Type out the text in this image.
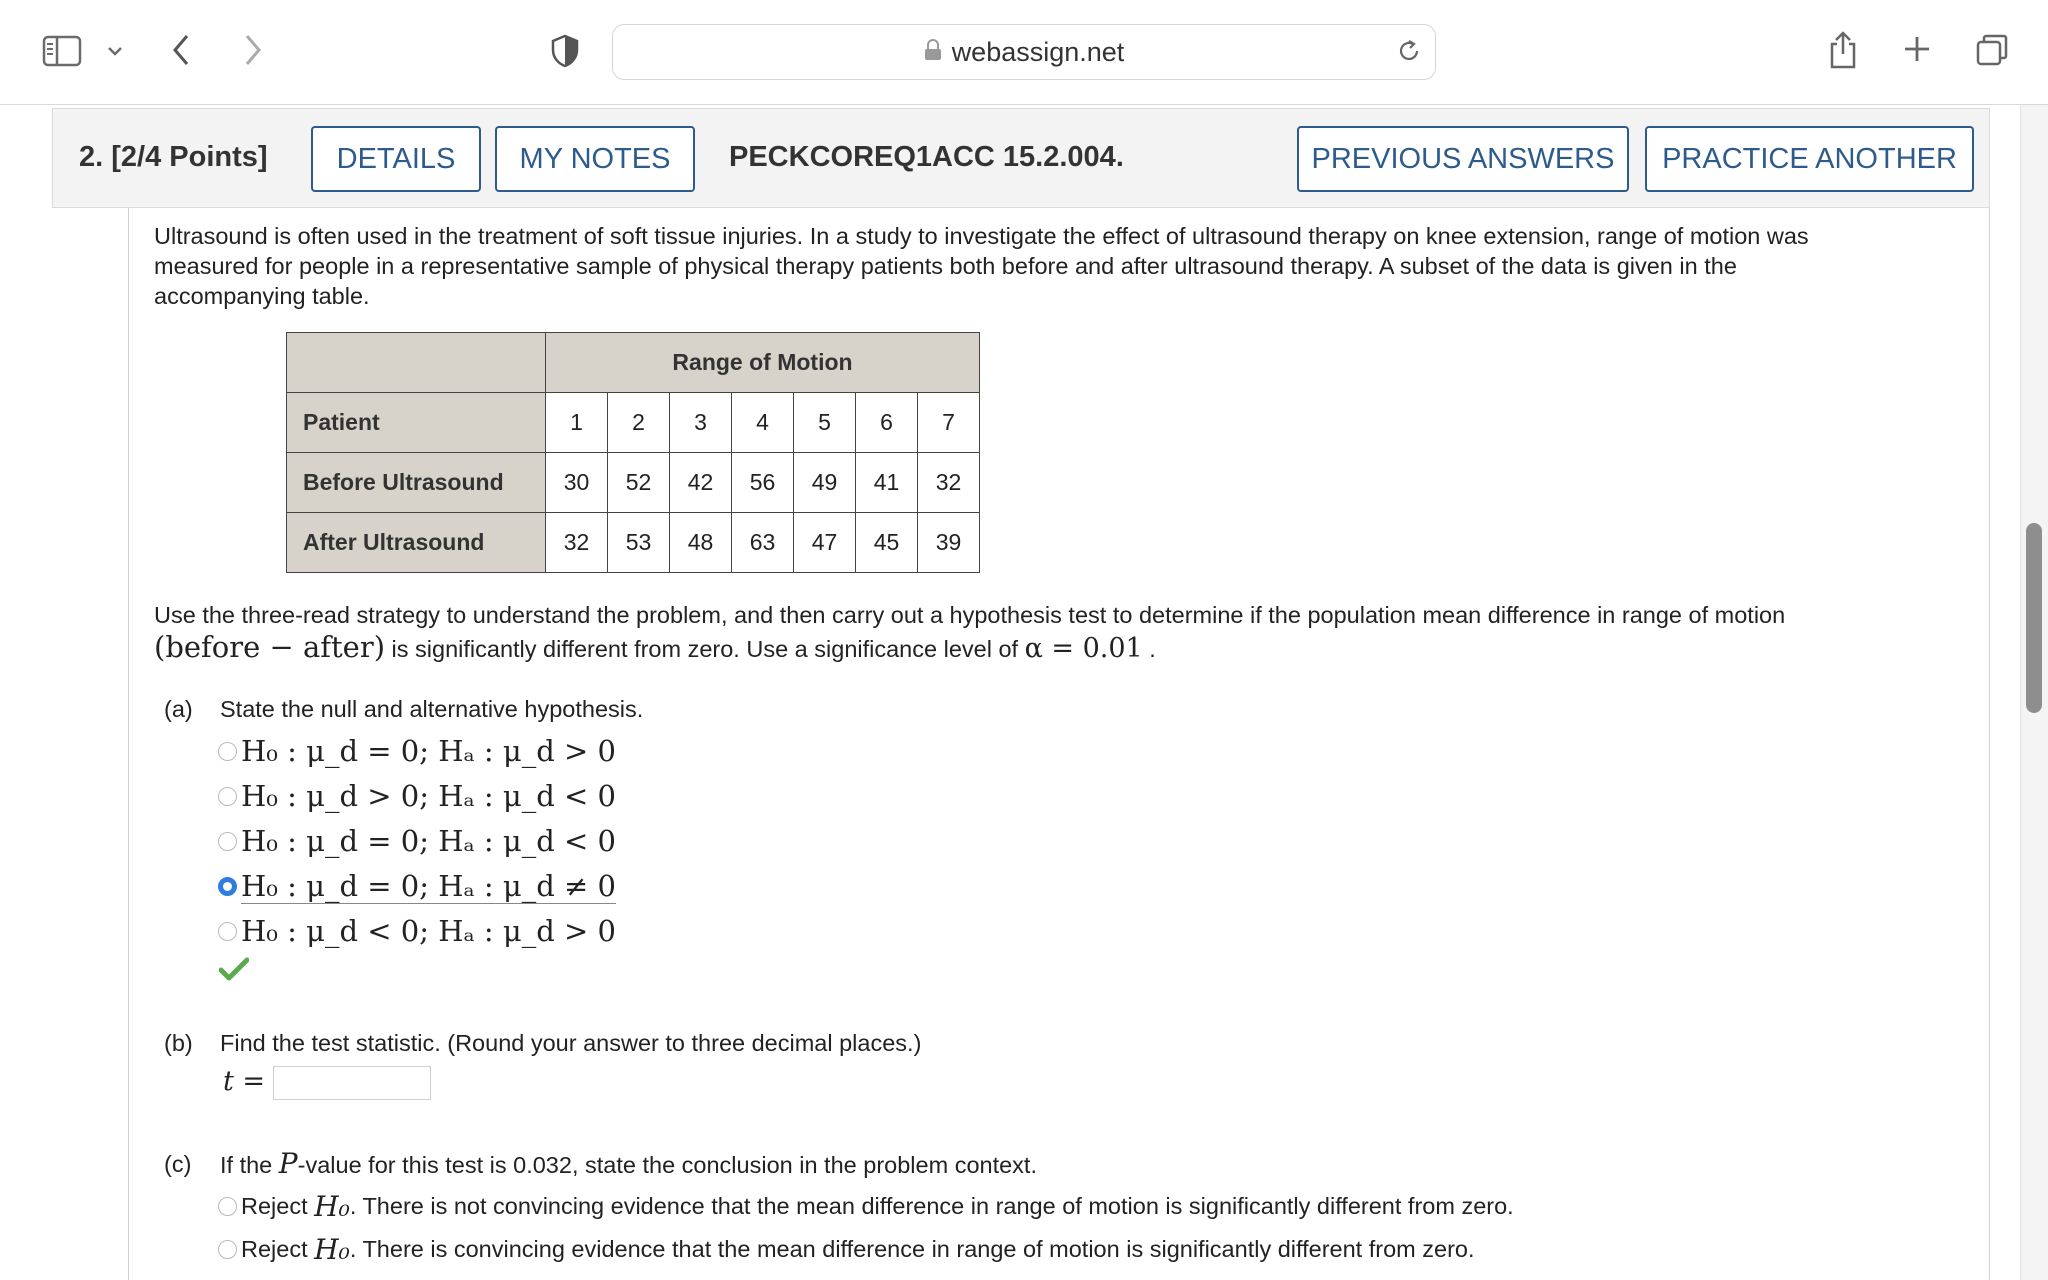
webassign.net
2. [2/4 Points]	DETAILS	MY NOTES	PECKCOREQ1ACC 15.2.004.	PREVIOUS ANSWERS	PRACTICE ANOTHER
Ultrasound is often used in the treatment of soft tissue injuries. In a study to investigate the effect of ultrasound therapy on knee extension, range of motion was
measured for people in a representative sample of physical therapy patients both before and after ultrasound therapy. A subset of the data is given in the
accompanying table.
	Range of Motion						
Patient	1	2	3	4	5	6	7
Before Ultrasound	30	52	42	56	49	41	32
After Ultrasound	32	53	48	63	47	45	39
Use the three-read strategy to understand the problem, and then carry out a hypothesis test to determine if the population mean difference in range of motion
(before − after) is significantly different from zero. Use a significance level of α = 0.01 .
(a) State the null and alternative hypothesis.
H₀ : μ_d = 0; Hₐ : μ_d > 0
H₀ : μ_d > 0; Hₐ : μ_d < 0
H₀ : μ_d = 0; Hₐ : μ_d < 0
H₀ : μ_d = 0; Hₐ : μ_d ≠ 0
H₀ : μ_d < 0; Hₐ : μ_d > 0
(b) Find the test statistic. (Round your answer to three decimal places.)
t =
(c) If the P-value for this test is 0.032, state the conclusion in the problem context.
Reject
H₀ . There is not convincing evidence that the mean difference in range of motion is significantly different from zero.
Reject
H₀ . There is convincing evidence that the mean difference in range of motion is significantly different from zero.
